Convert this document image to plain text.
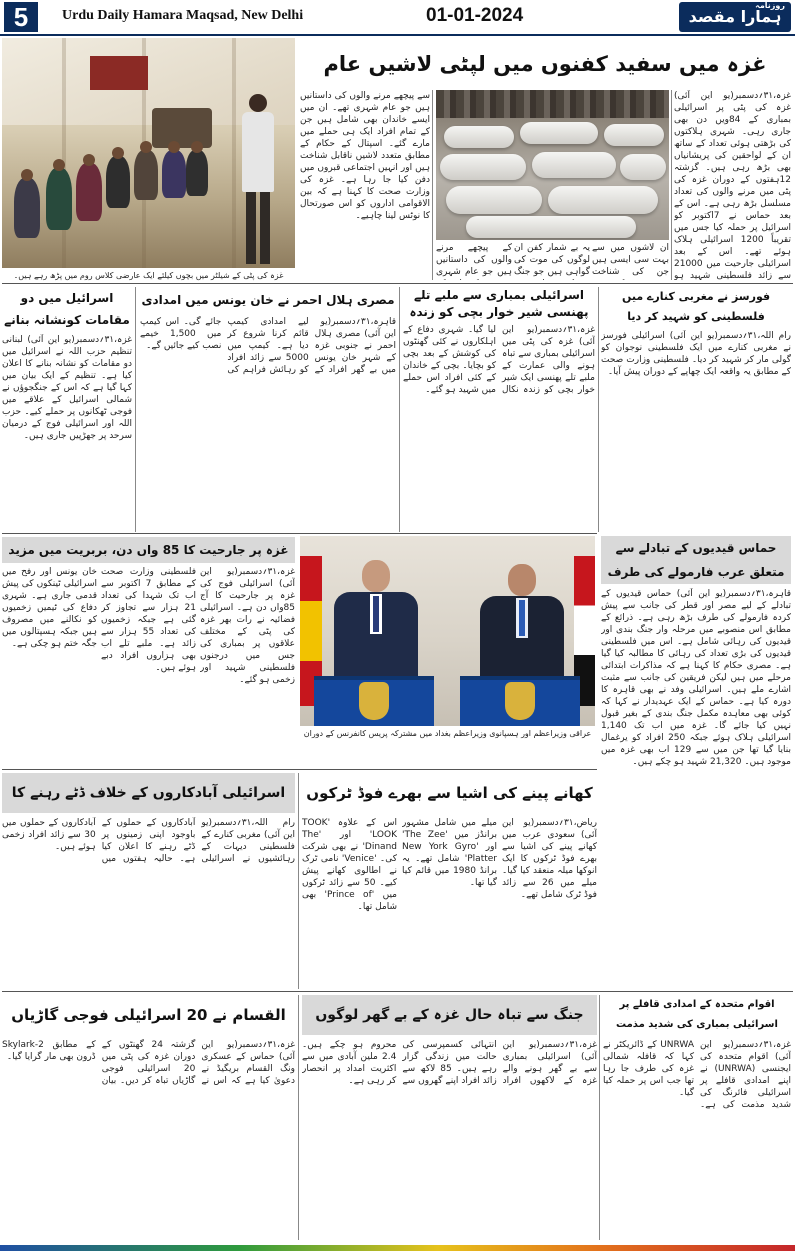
5	Urdu Daily Hamara Maqsad, New Delhi	01-01-2024	روزنامہ
ہمارا مقصد
غزہ کی پٹی کے شیلٹر میں بچوں کیلئے ایک عارضی کلاس روم میں پڑھ رہے ہیں۔
غزہ میں سفید کفنوں میں لپٹی لاشیں عام

سے پیچھے مرنے والوں کی داستانیں ہیں جو عام شہری تھے۔ ان میں ایسے خاندان بھی شامل ہیں جن کے تمام افراد ایک ہی حملے میں مارے گئے۔ اسپتال کے حکام کے مطابق متعدد لاشیں ناقابل شناخت ہیں اور انہیں اجتماعی قبروں میں دفن کیا جا رہا ہے۔ غزہ کی وزارت صحت کا کہنا ہے کہ بین الاقوامی اداروں کو اس صورتحال کا نوٹس لینا چاہیے۔

کے پیچھے مرنے والوں کی داستانیں ہیں جو عام شہری

یہ بے شمار کفن ان لوگوں کی موت کی گواہی ہیں جو جنگ

ان لاشوں میں سے بہت سی ایسی ہیں جن کی شناخت

غزہ،۳۱؍دسمبر(یو این آئی) غزہ کی پٹی پر اسرائیلی بمباری کے 84ویں دن بھی جاری رہی۔ شہری ہلاکتوں کی بڑھتی ہوئی تعداد کے ساتھ ان کے لواحقین کی پریشانیاں بھی بڑھ رہی ہیں۔ گزشتہ 12ہفتوں کے دوران غزہ کی پٹی میں مرنے والوں کی تعداد مسلسل بڑھ رہی ہے۔ اس کے بعد حماس نے 7اکتوبر کو اسرائیل پر حملہ کیا جس میں تقریباً 1200 اسرائیلی ہلاک ہوئے تھے۔ اس کے بعد اسرائیلی جارحیت میں 21000 سے زائد فلسطینی شہید ہو

اسرائیل میں دو مقامات کونشانہ بنانے

غزہ،۳۱؍دسمبر(یو این آئی) لبنانی تنظیم حزب اللہ نے اسرائیل میں دو مقامات کو نشانہ بنانے کا اعلان کیا ہے۔ تنظیم کے ایک بیان میں کہا گیا ہے کہ اس کے جنگجوؤں نے شمالی اسرائیل کے علاقے میں فوجی ٹھکانوں پر حملے کیے۔ حزب اللہ اور اسرائیلی فوج کے درمیان سرحد پر جھڑپیں جاری ہیں۔

مصری ہلال احمر نے خان یونس میں امدادی

قاہرہ،۳۱؍دسمبر(یو این آئی) مصری ہلال احمر نے جنوبی غزہ کے شہر خان یونس میں بے گھر افراد کے لیے امدادی کیمپ قائم کرنا شروع کر دیا ہے۔ کیمپ میں 5000 سے زائد افراد کو رہائش فراہم کی جائے گی۔ اس کیمپ میں 1,500 خیمے نصب کیے جائیں گے۔

اسرائیلی بمباری سے ملبے تلے پھنسی شیر خوار بچی کو زندہ

غزہ،۳۱؍دسمبر(یو این آئی) غزہ کی پٹی میں اسرائیلی بمباری سے تباہ ہونے والی عمارت کے ملبے تلے پھنسی ایک شیر خوار بچی کو زندہ نکال لیا گیا۔ شہری دفاع کے اہلکاروں نے کئی گھنٹوں کی کوشش کے بعد بچی کو بچایا۔ بچی کے خاندان کے کئی افراد اس حملے میں شہید ہو گئے۔

فورسز نے مغربی کنارے میں فلسطینی کو شہید کر دیا

رام اللہ،۳۱؍دسمبر(یو این آئی) اسرائیلی فورسز نے مغربی کنارے میں ایک فلسطینی نوجوان کو گولی مار کر شہید کر دیا۔ فلسطینی وزارت صحت کے مطابق یہ واقعہ ایک چھاپے کے دوران پیش آیا۔

غزہ پر جارحیت کا 85 واں دن، بربریت میں مزید

خان یونس اور رفح میں اسرائیلی ٹینکوں کی پیش قدمی جاری ہے۔ شہری دفاع کی ٹیمیں زخمیوں کو نکالنے میں مصروف ہیں جبکہ ہسپتالوں میں جگہ ختم ہو چکی ہے۔

فلسطینی وزارت صحت کے مطابق 7 اکتوبر سے اب تک شہدا کی تعداد 21 ہزار سے تجاوز کر گئی ہے جبکہ زخمیوں کی تعداد 55 ہزار سے زائد ہے۔ ملبے تلے اب بھی ہزاروں افراد دبے ہوئے ہیں۔

غزہ،۳۱؍دسمبر(یو این آئی) اسرائیلی فوج کی غزہ پر جارحیت کا آج 85واں دن ہے۔ اسرائیلی فضائیہ نے رات بھر غزہ کی پٹی کے مختلف علاقوں پر بمباری کی جس میں درجنوں فلسطینی شہید اور زخمی ہو گئے۔

عراقی وزیراعظم اور ہسپانوی وزیراعظم بغداد میں مشترکہ پریس کانفرنس کے دوران
حماس قیدیوں کے تبادلے سے متعلق عرب فارمولے کی طرف

قاہرہ،۳۱؍دسمبر(یو این آئی) حماس قیدیوں کے تبادلے کے لیے مصر اور قطر کی جانب سے پیش کردہ فارمولے کی طرف بڑھ رہی ہے۔ ذرائع کے مطابق اس منصوبے میں مرحلہ وار جنگ بندی اور قیدیوں کی رہائی شامل ہے۔ اس میں فلسطینی قیدیوں کی بڑی تعداد کی رہائی کا مطالبہ کیا گیا ہے۔ مصری حکام کا کہنا ہے کہ مذاکرات ابتدائی مرحلے میں ہیں لیکن فریقین کی جانب سے مثبت اشارے ملے ہیں۔ اسرائیلی وفد نے بھی قاہرہ کا دورہ کیا ہے۔ حماس کے ایک عہدیدار نے کہا کہ کوئی بھی معاہدہ مکمل جنگ بندی کے بغیر قبول نہیں کیا جائے گا۔ غزہ میں اب تک 1,140 اسرائیلی ہلاک ہوئے جبکہ 250 افراد کو یرغمال بنایا گیا تھا جن میں سے 129 اب بھی غزہ میں موجود ہیں۔ 21,320 شہید ہو چکے ہیں۔

اسرائیلی آبادکاروں کے خلاف ڈٹے رہنے کا

رام اللہ،۳۱؍دسمبر(یو این آئی) مغربی کنارے کے فلسطینی دیہات کے رہائشیوں نے اسرائیلی آبادکاروں کے حملوں کے باوجود اپنی زمینوں پر ڈٹے رہنے کا اعلان کیا ہے۔ حالیہ ہفتوں میں آبادکاروں کے حملوں میں 30 سے زائد افراد زخمی ہوئے ہیں۔

کھانے پینے کی اشیا سے بھرے فوڈ ٹرکوں

اس کے علاوہ 'TOOK LOOK' اور 'The Dinand' نے بھی شرکت کی۔ 'Venice' نامی ٹرک نے اطالوی کھانے پیش کیے۔ 50 سے زائد ٹرکوں میں 'Prince of' بھی شامل تھا۔

میلے میں شامل مشہور برانڈز میں 'The Zee' اور 'New York Gyro Platter' شامل تھے۔ یہ برانڈ 1980 میں قائم کیا گیا تھا۔

ریاض،۳۱؍دسمبر(یو این آئی) سعودی عرب میں کھانے پینے کی اشیا سے بھرے فوڈ ٹرکوں کا ایک انوکھا میلہ منعقد کیا گیا۔ میلے میں 26 سے زائد فوڈ ٹرک شامل تھے۔

القسام نے 20 اسرائیلی فوجی گاڑیاں

غزہ،۳۱؍دسمبر(یو این آئی) حماس کے عسکری ونگ القسام بریگیڈ نے دعویٰ کیا ہے کہ اس نے گزشتہ 24 گھنٹوں کے دوران غزہ کی پٹی میں 20 اسرائیلی فوجی گاڑیاں تباہ کر دیں۔ بیان کے مطابق Skylark-2 ڈرون بھی مار گرایا گیا۔

جنگ سے تباہ حال غزہ کے بے گھر لوگوں

غزہ،۳۱؍دسمبر(یو این آئی) اسرائیلی بمباری سے بے گھر ہونے والے غزہ کے لاکھوں افراد انتہائی کسمپرسی کی حالت میں زندگی گزار رہے ہیں۔ 85 لاکھ سے زائد افراد اپنے گھروں سے محروم ہو چکے ہیں۔ 2.4 ملین آبادی میں سے اکثریت امداد پر انحصار کر رہی ہے۔

اقوام متحدہ کے امدادی قافلے پر اسرائیلی بمباری کی شدید مذمت

غزہ،۳۱؍دسمبر(یو این آئی) اقوام متحدہ کی ایجنسی (UNRWA) نے اپنے امدادی قافلے پر اسرائیلی فائرنگ کی شدید مذمت کی ہے۔ UNRWA کے ڈائریکٹر نے کہا کہ قافلہ شمالی غزہ کی طرف جا رہا تھا جب اس پر حملہ کیا گیا۔
